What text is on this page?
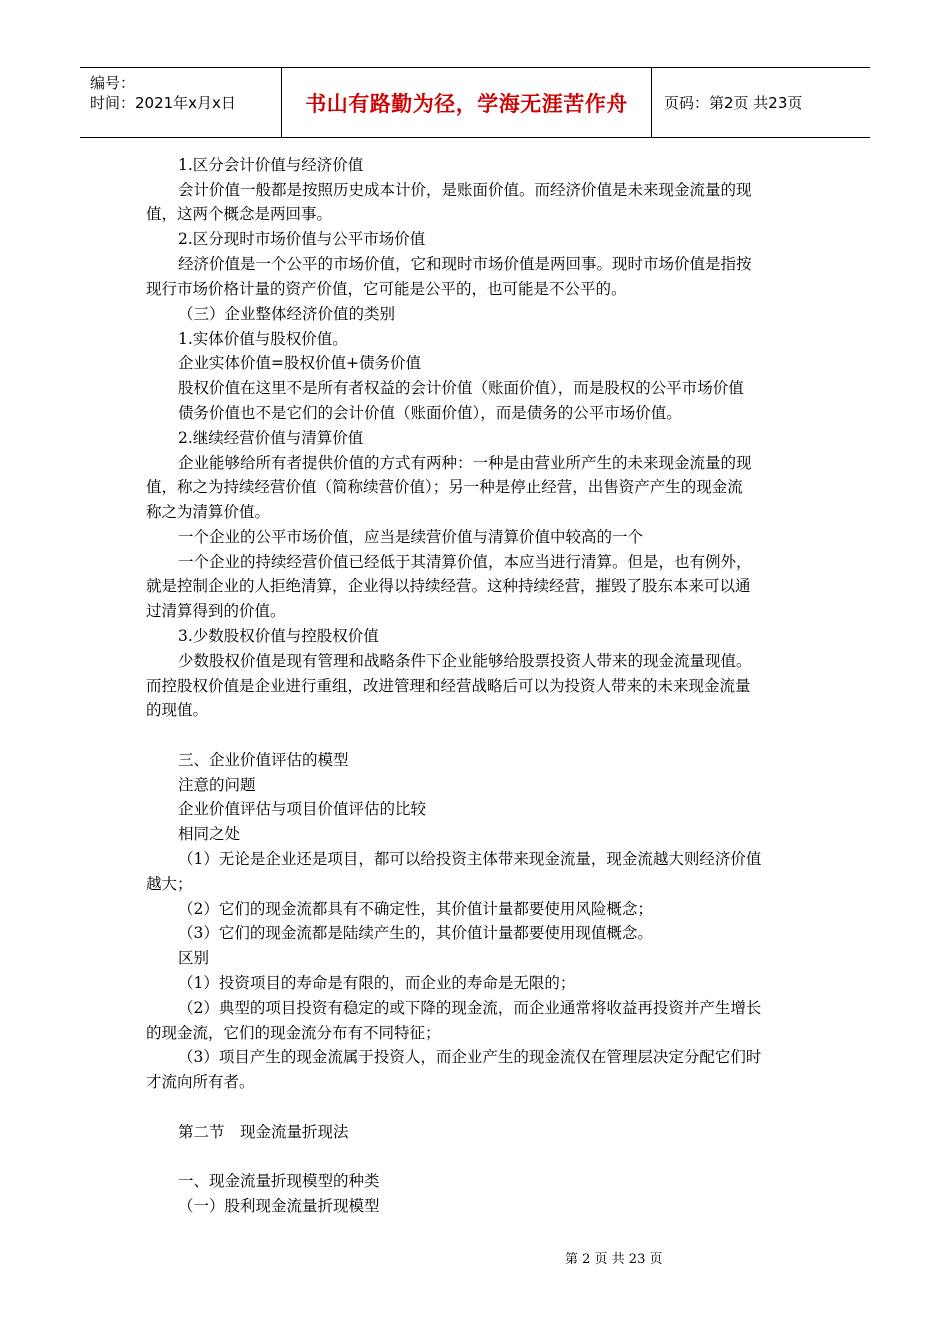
编号：
时间：2021年x月x日	书山有路勤为径，学海无涯苦作舟 页码：第2页 共23页
1.区分会计价值与经济价值
会计价值一般都是按照历史成本计价，是账面价值。而经济价值是未来现金流量的现
值，这两个概念是两回事。
2.区分现时市场价值与公平市场价值
经济价值是一个公平的市场价值，它和现时市场价值是两回事。现时市场价值是指按
现行市场价格计量的资产价值，它可能是公平的，也可能是不公平的。
（三）企业整体经济价值的类别
1.实体价值与股权价值。
企业实体价值=股权价值+债务价值
股权价值在这里不是所有者权益的会计价值（账面价值），而是股权的公平市场价值
债务价值也不是它们的会计价值（账面价值），而是债务的公平市场价值。
2.继续经营价值与清算价值
企业能够给所有者提供价值的方式有两种：一种是由营业所产生的未来现金流量的现
值，称之为持续经营价值（简称续营价值）；另一种是停止经营，出售资产产生的现金流
称之为清算价值。
一个企业的公平市场价值，应当是续营价值与清算价值中较高的一个
一个企业的持续经营价值已经低于其清算价值，本应当进行清算。但是，也有例外，
就是控制企业的人拒绝清算，企业得以持续经营。这种持续经营，摧毁了股东本来可以通
过清算得到的价值。
3.少数股权价值与控股权价值
少数股权价值是现有管理和战略条件下企业能够给股票投资人带来的现金流量现值。
而控股权价值是企业进行重组，改进管理和经营战略后可以为投资人带来的未来现金流量
的现值。
三、企业价值评估的模型
注意的问题
企业价值评估与项目价值评估的比较
相同之处
（1）无论是企业还是项目，都可以给投资主体带来现金流量，现金流越大则经济价值
越大；
（2）它们的现金流都具有不确定性，其价值计量都要使用风险概念；
（3）它们的现金流都是陆续产生的，其价值计量都要使用现值概念。
区别
（1）投资项目的寿命是有限的，而企业的寿命是无限的；
（2）典型的项目投资有稳定的或下降的现金流，而企业通常将收益再投资并产生增长
的现金流，它们的现金流分布有不同特征；
（3）项目产生的现金流属于投资人，而企业产生的现金流仅在管理层决定分配它们时
才流向所有者。
第二节　现金流量折现法
一、现金流量折现模型的种类
（一）股利现金流量折现模型
第 2 页 共 23 页
